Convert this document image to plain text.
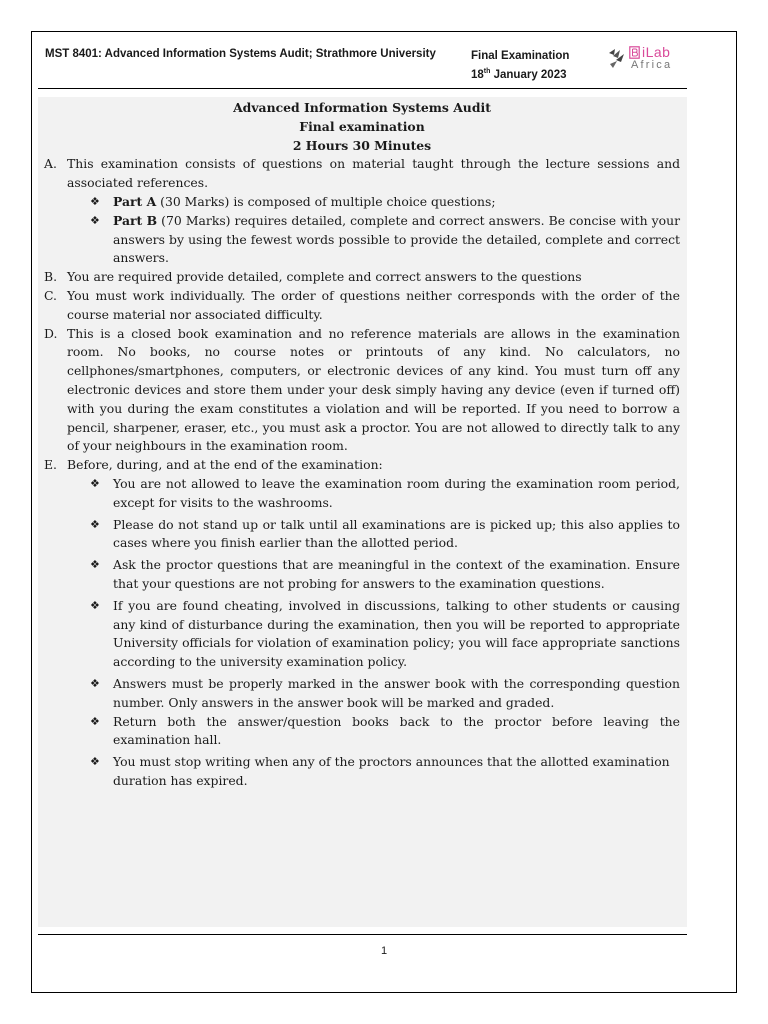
MST 8401: Advanced Information Systems Audit; Strathmore University	Final Examination
18th January 2023
iLab
Africa
Advanced Information Systems Audit
Final examination
2 Hours 30 Minutes
A. This examination consists of questions on material taught through the lecture sessions and associated references.
❖	Part A (30 Marks) is composed of multiple choice questions;
❖	Part B (70 Marks) requires detailed, complete and correct answers. Be concise with your answers by using the fewest words possible to provide the detailed, complete and correct answers.
B. You are required provide detailed, complete and correct answers to the questions
C. You must work individually. The order of questions neither corresponds with the order of the course material nor associated difficulty.
D. This is a closed book examination and no reference materials are allows in the examination room. No books, no course notes or printouts of any kind. No calculators, no cellphones/smartphones, computers, or electronic devices of any kind. You must turn off any electronic devices and store them under your desk simply having any device (even if turned off) with you during the exam constitutes a violation and will be reported. If you need to borrow a pencil, sharpener, eraser, etc., you must ask a proctor. You are not allowed to directly talk to any of your neighbours in the examination room.
E. Before, during, and at the end of the examination:
❖	You are not allowed to leave the examination room during the examination room period, except for visits to the washrooms.
❖	Please do not stand up or talk until all examinations are is picked up; this also applies to cases where you finish earlier than the allotted period.
❖	Ask the proctor questions that are meaningful in the context of the examination. Ensure that your questions are not probing for answers to the examination questions.
❖	If you are found cheating, involved in discussions, talking to other students or causing any kind of disturbance during the examination, then you will be reported to appropriate University officials for violation of examination policy; you will face appropriate sanctions according to the university examination policy.
❖	Answers must be properly marked in the answer book with the corresponding question number. Only answers in the answer book will be marked and graded.
❖	Return both the answer/question books back to the proctor before leaving the examination hall.
❖	You must stop writing when any of the proctors announces that the allotted examination duration has expired.
1
